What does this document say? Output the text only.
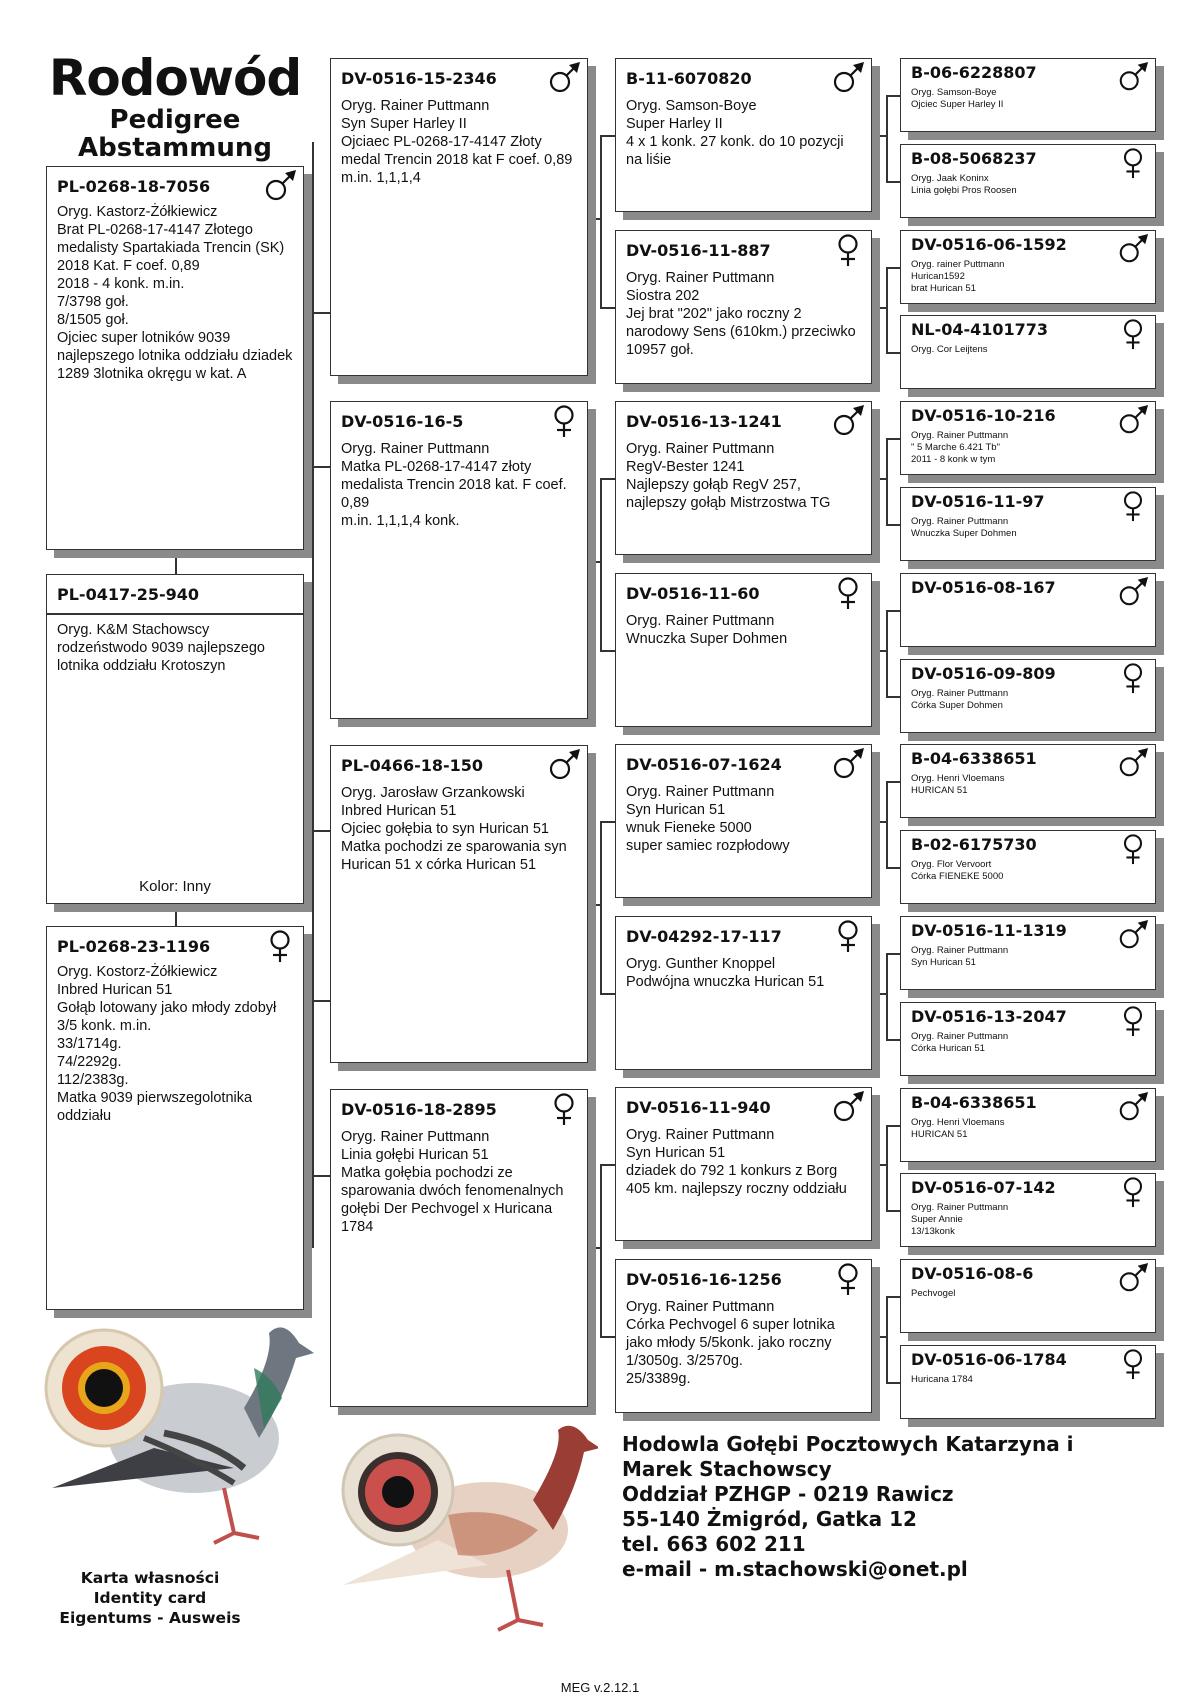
Rodowód
Pedigree
Abstammung
PL-0268-18-7056
Oryg. Kastorz-Żółkiewicz
Brat PL-0268-17-4147 Złotego medalisty Spartakiada Trencin (SK) 2018 Kat. F coef. 0,89
2018 - 4 konk. m.in.
7/3798 goł.
8/1505 goł.
Ojciec super lotników 9039 najlepszego lotnika oddziału dziadek 1289 3lotnika okręgu w kat. A
PL-0417-25-940
Oryg. K&M Stachowscy
rodzeństwodo 9039 najlepszego lotnika oddziału Krotoszyn
Kolor: Inny
PL-0268-23-1196
Oryg. Kostorz-Żółkiewicz
Inbred Hurican 51
Gołąb lotowany jako młody zdobył 3/5 konk. m.in.
33/1714g.
74/2292g.
112/2383g.
Matka 9039 pierwszegolotnika oddziału
DV-0516-15-2346
Oryg. Rainer Puttmann
Syn Super Harley II
Ojciaec PL-0268-17-4147 Złoty medal Trencin 2018 kat F coef. 0,89 m.in. 1,1,1,4
DV-0516-16-5
Oryg. Rainer Puttmann
Matka PL-0268-17-4147 złoty medalista Trencin 2018 kat. F coef. 0,89
m.in. 1,1,1,4 konk.
PL-0466-18-150
Oryg. Jarosław Grzankowski
Inbred Hurican 51
Ojciec gołębia to syn Hurican 51
Matka pochodzi ze sparowania syn Hurican 51 x córka Hurican 51
DV-0516-18-2895
Oryg. Rainer Puttmann
Linia gołębi Hurican 51
Matka gołębia pochodzi ze sparowania dwóch fenomenalnych gołębi Der Pechvogel x Huricana 1784
B-11-6070820
Oryg. Samson-Boye
Super Harley II
4 x 1 konk. 27 konk. do 10 pozycji na liśie
DV-0516-11-887
Oryg. Rainer Puttmann
Siostra 202
Jej brat "202" jako roczny 2 narodowy Sens (610km.) przeciwko 10957 goł.
DV-0516-13-1241
Oryg. Rainer Puttmann
RegV-Bester 1241
Najlepszy gołąb RegV 257, najlepszy gołąb Mistrzostwa TG
DV-0516-11-60
Oryg. Rainer Puttmann
Wnuczka Super Dohmen
DV-0516-07-1624
Oryg. Rainer Puttmann
Syn Hurican 51
wnuk Fieneke 5000
super samiec rozpłodowy
DV-04292-17-117
Oryg. Gunther Knoppel
Podwójna wnuczka Hurican 51
DV-0516-11-940
Oryg. Rainer Puttmann
Syn Hurican 51
dziadek do 792 1 konkurs z Borg 405 km. najlepszy roczny oddziału
DV-0516-16-1256
Oryg. Rainer Puttmann
Córka Pechvogel 6 super lotnika jako młody 5/5konk. jako roczny 1/3050g. 3/2570g.
25/3389g.
B-06-6228807
Oryg. Samson-Boye
Ojciec Super Harley II
B-08-5068237
Oryg. Jaak Koninx
Linia gołębi Pros Roosen
DV-0516-06-1592
Oryg. rainer Puttmann
Hurican1592
brat Hurican 51
NL-04-4101773
Oryg. Cor Leijtens
DV-0516-10-216
Oryg. Rainer Puttmann
" 5 Marche 6.421 Tb"
2011 - 8 konk w tym
DV-0516-11-97
Oryg. Rainer Puttmann
Wnuczka Super Dohmen
DV-0516-08-167
DV-0516-09-809
Oryg. Rainer Puttmann
Córka Super Dohmen
B-04-6338651
Oryg. Henri Vloemans
HURICAN 51
B-02-6175730
Oryg. Flor Vervoort
Córka FIENEKE 5000
DV-0516-11-1319
Oryg. Rainer Puttmann
Syn Hurican 51
DV-0516-13-2047
Oryg. Rainer Puttmann
Córka Hurican 51
B-04-6338651
Oryg. Henri Vloemans
HURICAN 51
DV-0516-07-142
Oryg. Rainer Puttmann
Super Annie
13/13konk
DV-0516-08-6
Pechvogel
DV-0516-06-1784
Huricana 1784
Hodowla Gołębi Pocztowych Katarzyna i Marek Stachowscy
Oddział PZHGP - 0219 Rawicz
55-140 Żmigród, Gatka 12
tel. 663 602 211
e-mail - m.stachowski@onet.pl
Karta własności
Identity card
Eigentums - Ausweis
MEG v.2.12.1
